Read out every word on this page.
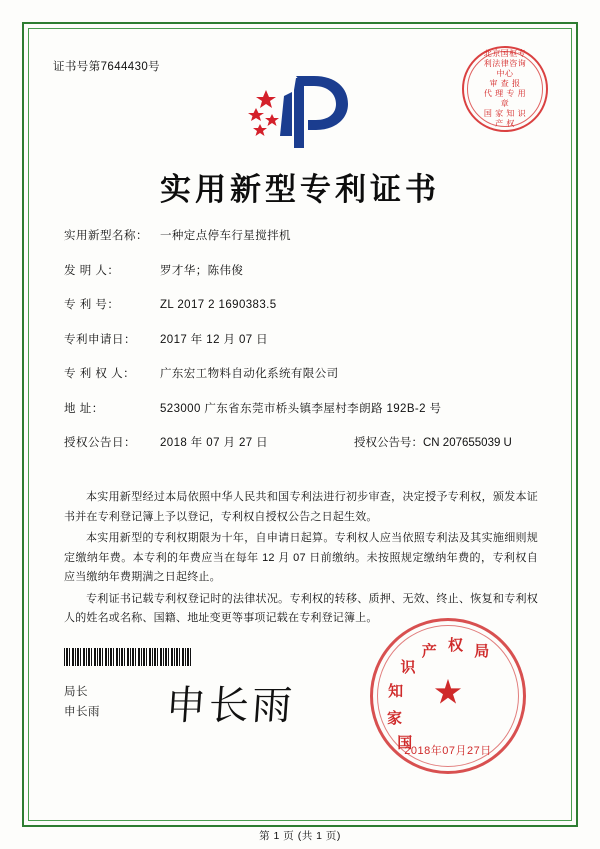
证书号第7644430号
北京国枢专利法律咨询中心
审 查 报
代 理 专 用 章
国 家 知 识 产 权
实用新型专利证书
实用新型名称： 一种定点停车行星搅拌机
发 明 人：	罗才华；陈伟俊
专 利 号：	ZL 2017 2 1690383.5
专利申请日： 2017 年 12 月 07 日
专 利 权 人： 广东宏工物料自动化系统有限公司
地 址：	523000 广东省东莞市桥头镇李屋村李朗路 192B-2 号
授权公告日： 2018 年 07 月 27 日	授权公告号：CN 207655039 U

本实用新型经过本局依照中华人民共和国专利法进行初步审查，决定授予专利权，颁发本证书并在专利登记簿上予以登记，专利权自授权公告之日起生效。

本实用新型的专利权期限为十年，自申请日起算。专利权人应当依照专利法及其实施细则规定缴纳年费。本专利的年费应当在每年 12 月 07 日前缴纳。未按照规定缴纳年费的，专利权自应当缴纳年费期满之日起终止。

专利证书记载专利权登记时的法律状况。专利权的转移、质押、无效、终止、恢复和专利权人的姓名或名称、国籍、地址变更等事项记载在专利登记簿上。

局长
申长雨 申长雨
国
家
知
识
产 权 局
★
2018年07月27日
第 1 页 (共 1 页)
